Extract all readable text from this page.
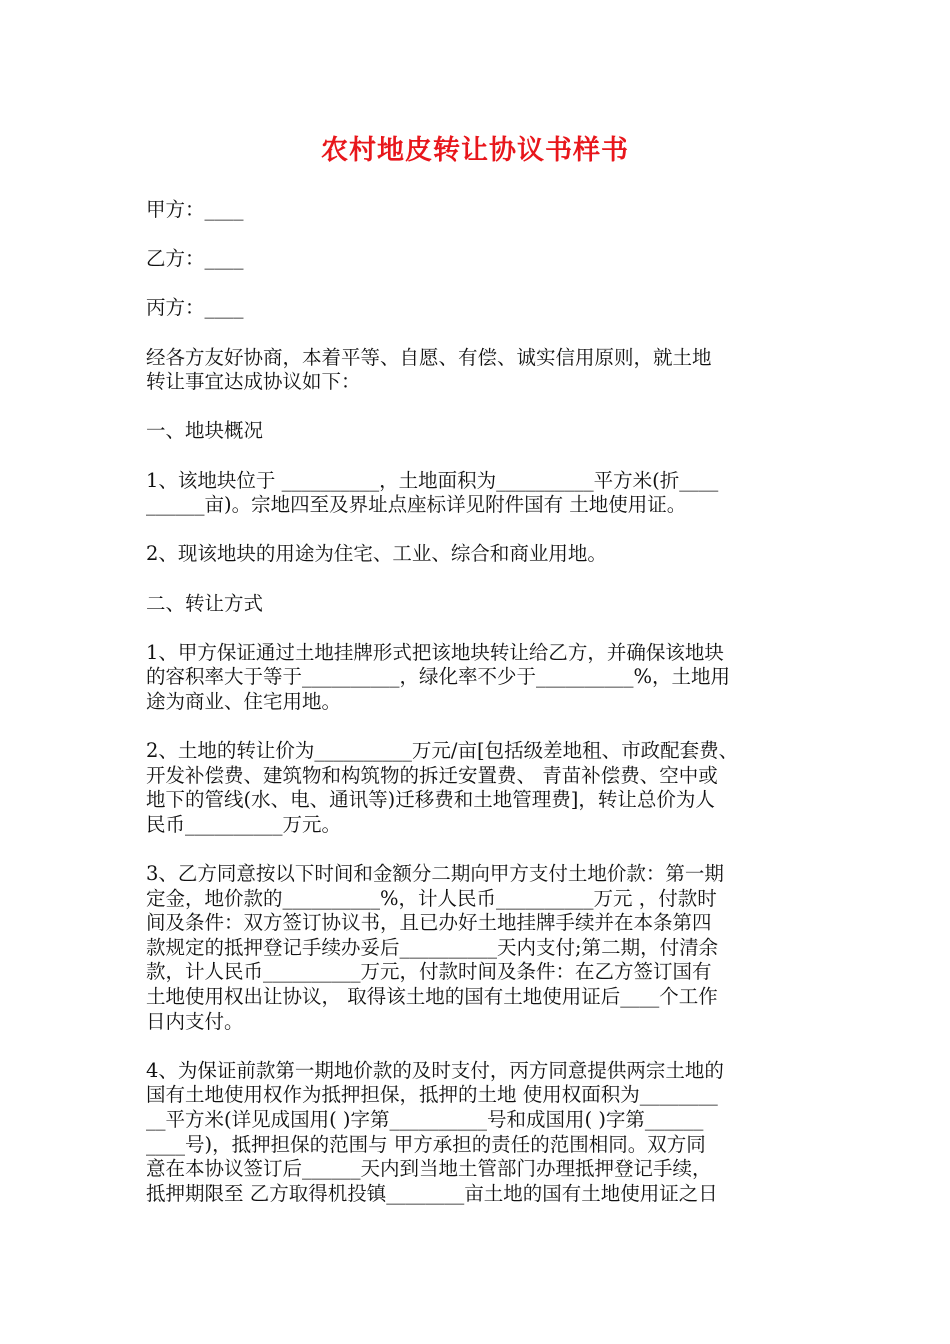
农村地皮转让协议书样书
甲方：____
乙方：____
丙方：____
经各方友好协商，本着平等、自愿、有偿、诚实信用原则，就土地
转让事宜达成协议如下：
一、地块概况
1、该地块位于 __________，土地面积为__________平方米(折____
______亩)。宗地四至及界址点座标详见附件国有 土地使用证。
2、现该地块的用途为住宅、工业、综合和商业用地。
二、转让方式
1、甲方保证通过土地挂牌形式把该地块转让给乙方，并确保该地块
的容积率大于等于__________，绿化率不少于__________%，土地用
途为商业、住宅用地。
2、土地的转让价为__________万元/亩[包括级差地租、市政配套费、
开发补偿费、建筑物和构筑物的拆迁安置费、 青苗补偿费、空中或
地下的管线(水、电、通讯等)迁移费和土地管理费]，转让总价为人
民币__________万元。
3、乙方同意按以下时间和金额分二期向甲方支付土地价款：第一期
定金，地价款的__________%，计人民币__________万元 ，付款时
间及条件：双方签订协议书，且已办好土地挂牌手续并在本条第四
款规定的抵押登记手续办妥后__________天内支付;第二期，付清余
款，计人民币__________万元，付款时间及条件：在乙方签订国有
土地使用权出让协议， 取得该土地的国有土地使用证后____个工作
日内支付。
4、为保证前款第一期地价款的及时支付，丙方同意提供两宗土地的
国有土地使用权作为抵押担保，抵押的土地 使用权面积为________
__平方米(详见成国用( )字第__________号和成国用( )字第______
____号)，抵押担保的范围与 甲方承担的责任的范围相同。双方同
意在本协议签订后______天内到当地土管部门办理抵押登记手续，
抵押期限至 乙方取得机投镇________亩土地的国有土地使用证之日
